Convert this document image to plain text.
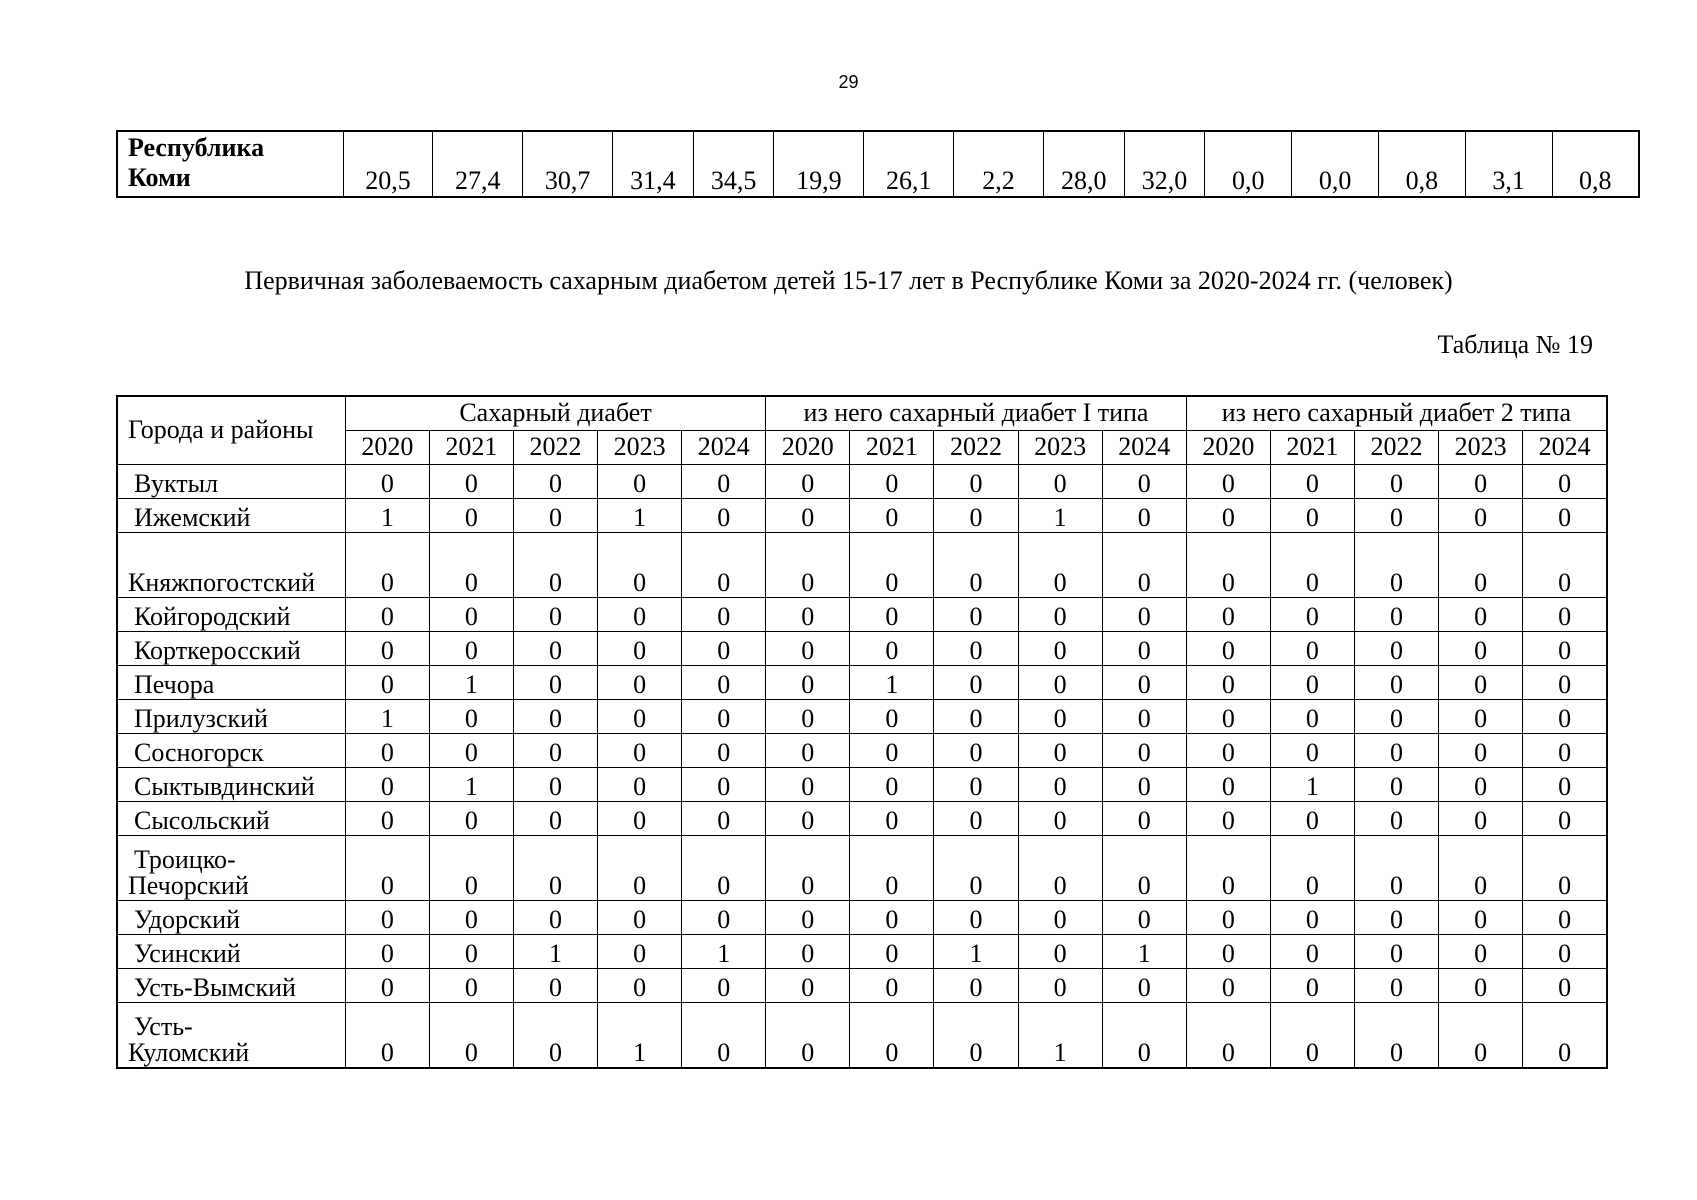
29
Республика
Коми	20,5	27,4	30,7	31,4	34,5	19,9	26,1	2,2	28,0	32,0	0,0	0,0	0,8	3,1	0,8
Первичная заболеваемость сахарным диабетом детей 15-17 лет в Республике Коми за 2020-2024 гг. (человек)
Таблица № 19
Города и районы	Сахарный диабет					из него сахарный диабет I типа					из него сахарный диабет 2 типа				
	2020	2021	2022	2023	2024	2020	2021	2022	2023	2024	2020	2021	2022	2023	2024
Вуктыл	0	0	0	0	0	0	0	0	0	0	0	0	0	0	0
Ижемский	1	0	0	1	0	0	0	0	1	0	0	0	0	0	0
Княжпогостский	0	0	0	0	0	0	0	0	0	0	0	0	0	0	0
Койгородский	0	0	0	0	0	0	0	0	0	0	0	0	0	0	0
Корткеросский	0	0	0	0	0	0	0	0	0	0	0	0	0	0	0
Печора	0	1	0	0	0	0	1	0	0	0	0	0	0	0	0
Прилузский	1	0	0	0	0	0	0	0	0	0	0	0	0	0	0
Сосногорск	0	0	0	0	0	0	0	0	0	0	0	0	0	0	0
Сыктывдинский	0	1	0	0	0	0	0	0	0	0	0	1	0	0	0
Сысольский	0	0	0	0	0	0	0	0	0	0	0	0	0	0	0
Троицко-
Печорский	0	0	0	0	0	0	0	0	0	0	0	0	0	0	0
Удорский	0	0	0	0	0	0	0	0	0	0	0	0	0	0	0
Усинский	0	0	1	0	1	0	0	1	0	1	0	0	0	0	0
Усть-Вымский	0	0	0	0	0	0	0	0	0	0	0	0	0	0	0
Усть-
Куломский	0	0	0	1	0	0	0	0	1	0	0	0	0	0	0
